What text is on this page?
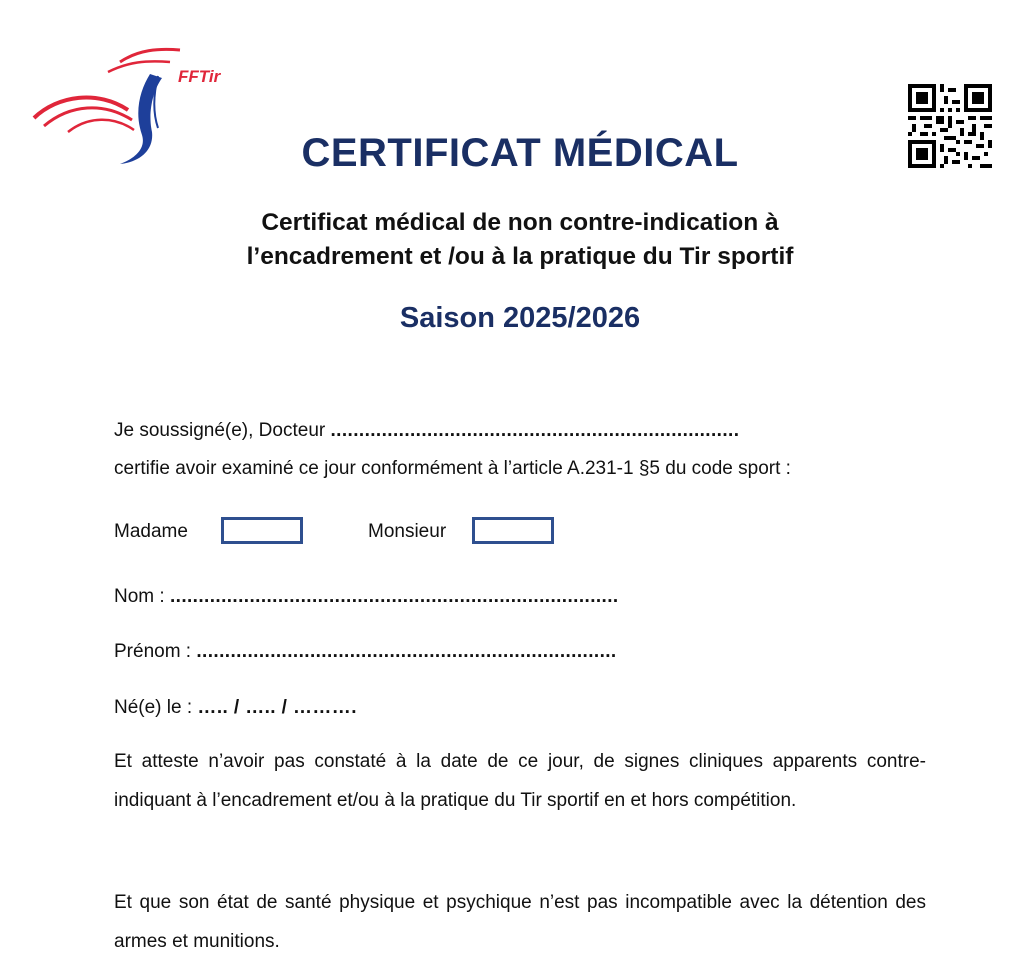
FFTir
CERTIFICAT MÉDICAL
Certificat médical de non contre-indication à
l’encadrement et /ou à la pratique du Tir sportif
Saison 2025/2026
Je soussigné(e), Docteur ........................................................................
certifie avoir examiné ce jour conformément à l’article A.231-1 §5 du code sport :
Madame	Monsieur
Nom : ...............................................................................
Prénom : ..........................................................................
Né(e) le : ….. / ….. / ……….

Et atteste n’avoir pas constaté à la date de ce jour, de signes cliniques apparents contre-indiquant à l’encadrement et/ou à la pratique du Tir sportif en et hors compétition.

Et que son état de santé physique et psychique n’est pas incompatible avec la détention des armes et munitions.
